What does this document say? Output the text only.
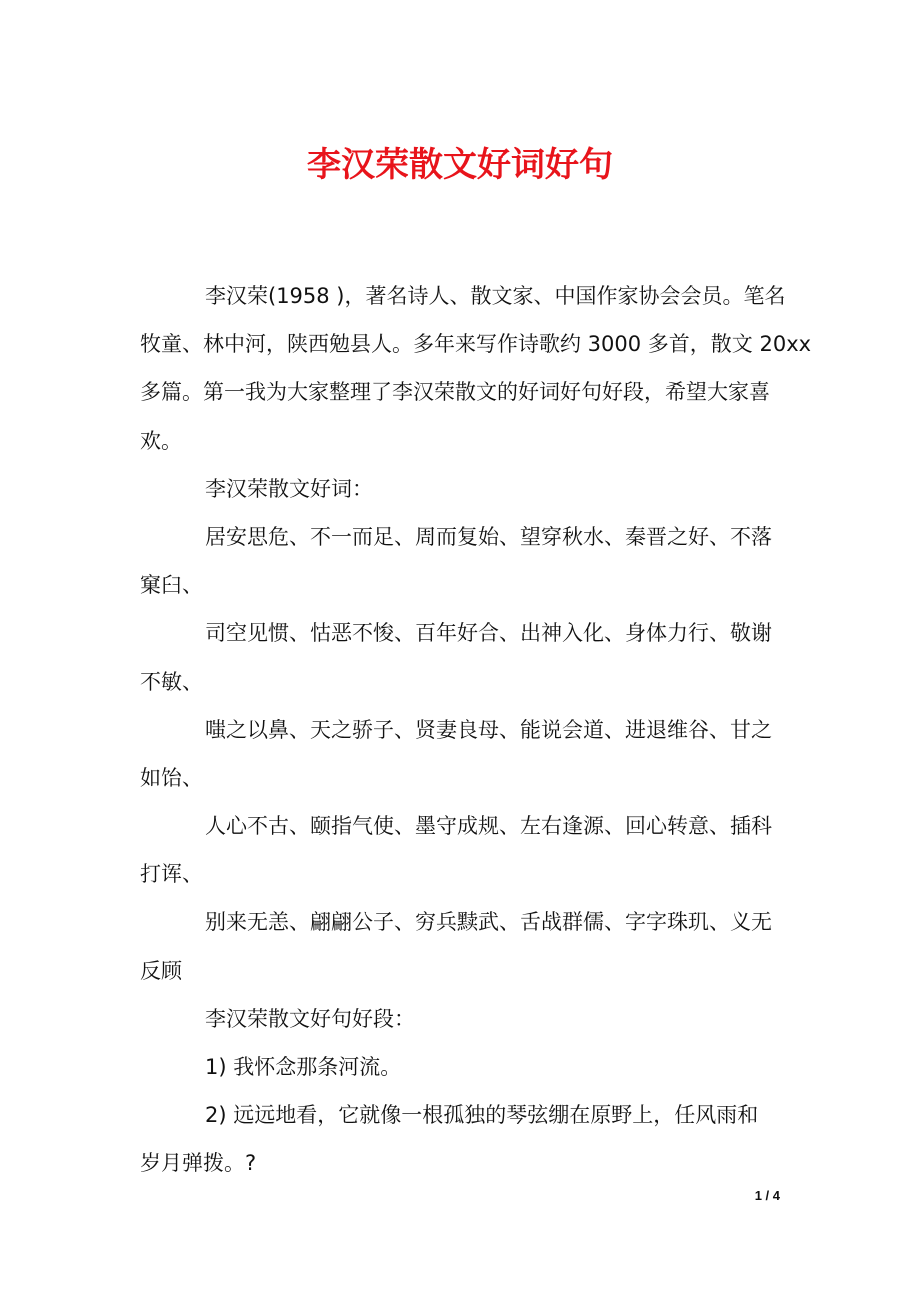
李汉荣散文好词好句
李汉荣(1958 )，著名诗人、散文家、中国作家协会会员。笔名
牧童、林中河，陕西勉县人。多年来写作诗歌约 3000 多首，散文 20xx
多篇。第一我为大家整理了李汉荣散文的好词好句好段，希望大家喜
欢。
李汉荣散文好词：
居安思危、不一而足、周而复始、望穿秋水、秦晋之好、不落
窠臼、
司空见惯、怙恶不悛、百年好合、出神入化、身体力行、敬谢
不敏、
嗤之以鼻、天之骄子、贤妻良母、能说会道、进退维谷、甘之
如饴、
人心不古、颐指气使、墨守成规、左右逢源、回心转意、插科
打诨、
别来无恙、翩翩公子、穷兵黩武、舌战群儒、字字珠玑、义无
反顾
李汉荣散文好句好段：
1) 我怀念那条河流。
2) 远远地看，它就像一根孤独的琴弦绷在原野上，任风雨和
岁月弹拨。?
1 / 4
